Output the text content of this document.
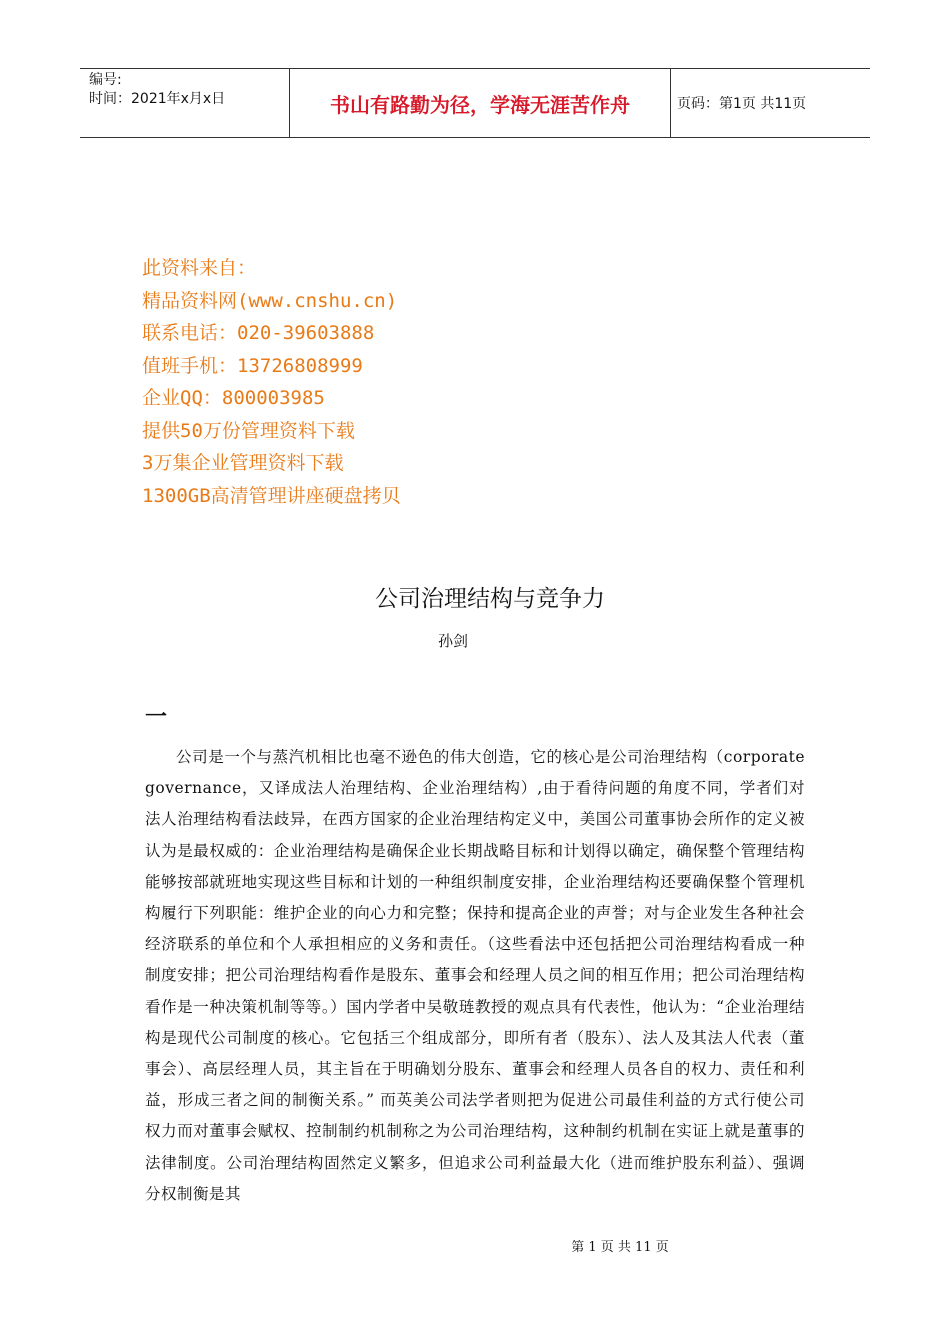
编号:
时间：2021年x月x日	书山有路勤为径，学海无涯苦作舟	页码：第1页 共11页
此资料来自：
精品资料网(www.cnshu.cn)
联系电话：020-39603888
值班手机：13726808999
企业QQ：800003985
提供50万份管理资料下载
3万集企业管理资料下载
1300GB高清管理讲座硬盘拷贝
公司治理结构与竞争力
孙剑
一
公司是一个与蒸汽机相比也毫不逊色的伟大创造，它的核心是公司治理结构（corporate governance，又译成法人治理结构、企业治理结构）,由于看待问题的角度不同，学者们对法人治理结构看法歧异，在西方国家的企业治理结构定义中，美国公司董事协会所作的定义被认为是最权威的：企业治理结构是确保企业长期战略目标和计划得以确定，确保整个管理结构能够按部就班地实现这些目标和计划的一种组织制度安排，企业治理结构还要确保整个管理机构履行下列职能：维护企业的向心力和完整；保持和提高企业的声誉；对与企业发生各种社会经济联系的单位和个人承担相应的义务和责任。（这些看法中还包括把公司治理结构看成一种制度安排；把公司治理结构看作是股东、董事会和经理人员之间的相互作用；把公司治理结构看作是一种决策机制等等。）国内学者中吴敬琏教授的观点具有代表性，他认为：“企业治理结构是现代公司制度的核心。它包括三个组成部分，即所有者（股东）、法人及其法人代表（董事会）、高层经理人员，其主旨在于明确划分股东、董事会和经理人员各自的权力、责任和利益，形成三者之间的制衡关系。” 而英美公司法学者则把为促进公司最佳利益的方式行使公司权力而对董事会赋权、控制制约机制称之为公司治理结构，这种制约机制在实证上就是董事的法律制度。公司治理结构固然定义繁多，但追求公司利益最大化（进而维护股东利益）、强调分权制衡是其
第 1 页 共 11 页
